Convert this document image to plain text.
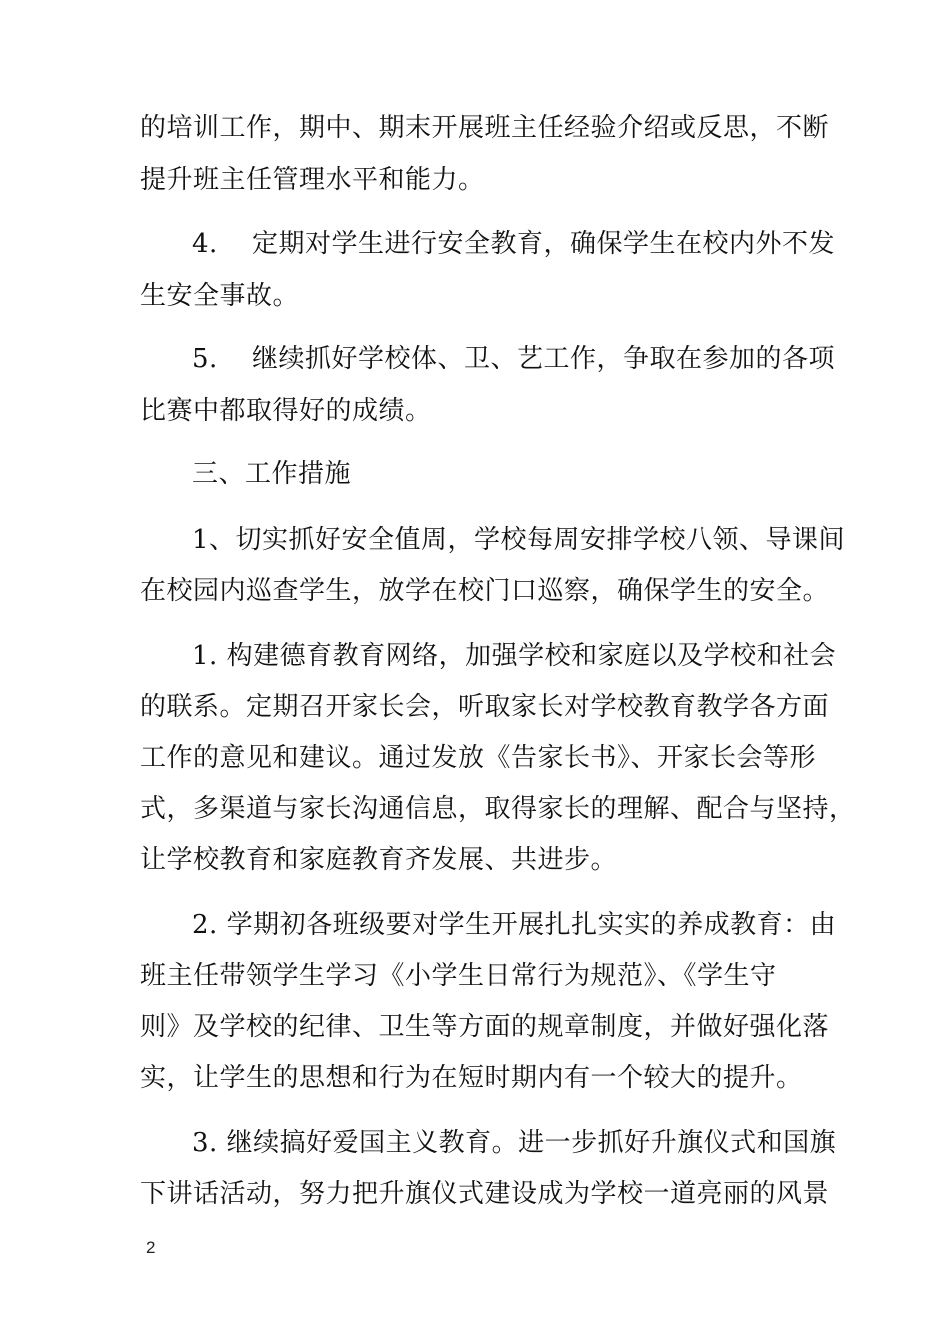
的培训工作，期中、期末开展班主任经验介绍或反思，不断
提升班主任管理水平和能力。
4. 定期对学生进行安全教育，确保学生在校内外不发
生安全事故。
5. 继续抓好学校体、卫、艺工作，争取在参加的各项
比赛中都取得好的成绩。
三、工作措施
1、切实抓好安全值周，学校每周安排学校八领、导课间
在校园内巡查学生，放学在校门口巡察，确保学生的安全。
1. 构建德育教育网络，加强学校和家庭以及学校和社会
的联系。定期召开家长会，听取家长对学校教育教学各方面
工作的意见和建议。通过发放《告家长书》、开家长会等形
式，多渠道与家长沟通信息，取得家长的理解、配合与坚持，
让学校教育和家庭教育齐发展、共进步。
2. 学期初各班级要对学生开展扎扎实实的养成教育：由
班主任带领学生学习《小学生日常行为规范》、《学生守
则》及学校的纪律、卫生等方面的规章制度，并做好强化落
实，让学生的思想和行为在短时期内有一个较大的提升。
3. 继续搞好爱国主义教育。进一步抓好升旗仪式和国旗
下讲话活动，努力把升旗仪式建设成为学校一道亮丽的风景
2
